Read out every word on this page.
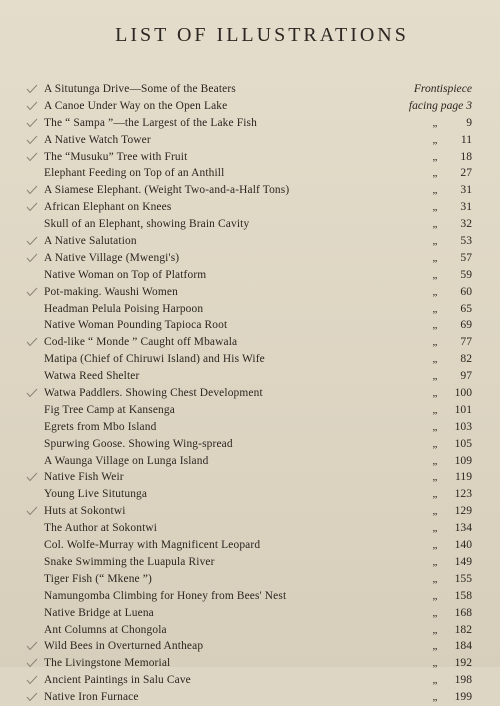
LIST OF ILLUSTRATIONS
A Situtunga Drive—Some of the Beaters	Frontispiece
A Canoe Under Way on the Open Lake	facing page 3
The “ Sampa ”—the Largest of the Lake Fish	„	9
A Native Watch Tower	„	11
The “Musuku” Tree with Fruit	„	18
Elephant Feeding on Top of an Anthill	„	27
A Siamese Elephant. (Weight Two-and-a-Half Tons)	„	31
African Elephant on Knees	„	31
Skull of an Elephant, showing Brain Cavity	„	32
A Native Salutation	„	53
A Native Village (Mwengi's)	„	57
Native Woman on Top of Platform	„	59
Pot-making. Waushi Women	„	60
Headman Pelula Poising Harpoon	„	65
Native Woman Pounding Tapioca Root	„	69
Cod-like “ Monde ” Caught off Mbawala	„	77
Matipa (Chief of Chiruwi Island) and His Wife	„	82
Watwa Reed Shelter	„	97
Watwa Paddlers. Showing Chest Development	„	100
Fig Tree Camp at Kansenga	„	101
Egrets from Mbo Island	„	103
Spurwing Goose. Showing Wing-spread	„	105
A Waunga Village on Lunga Island	„	109
Native Fish Weir	„	119
Young Live Situtunga	„	123
Huts at Sokontwi	„	129
The Author at Sokontwi	„	134
Col. Wolfe-Murray with Magnificent Leopard	„	140
Snake Swimming the Luapula River	„	149
Tiger Fish (“ Mkene ”)	„	155
Namungomba Climbing for Honey from Bees' Nest	„	158
Native Bridge at Luena	„	168
Ant Columns at Chongola	„	182
Wild Bees in Overturned Antheap	„	184
The Livingstone Memorial	„	192
Ancient Paintings in Salu Cave	„	198
Native Iron Furnace	„	199
